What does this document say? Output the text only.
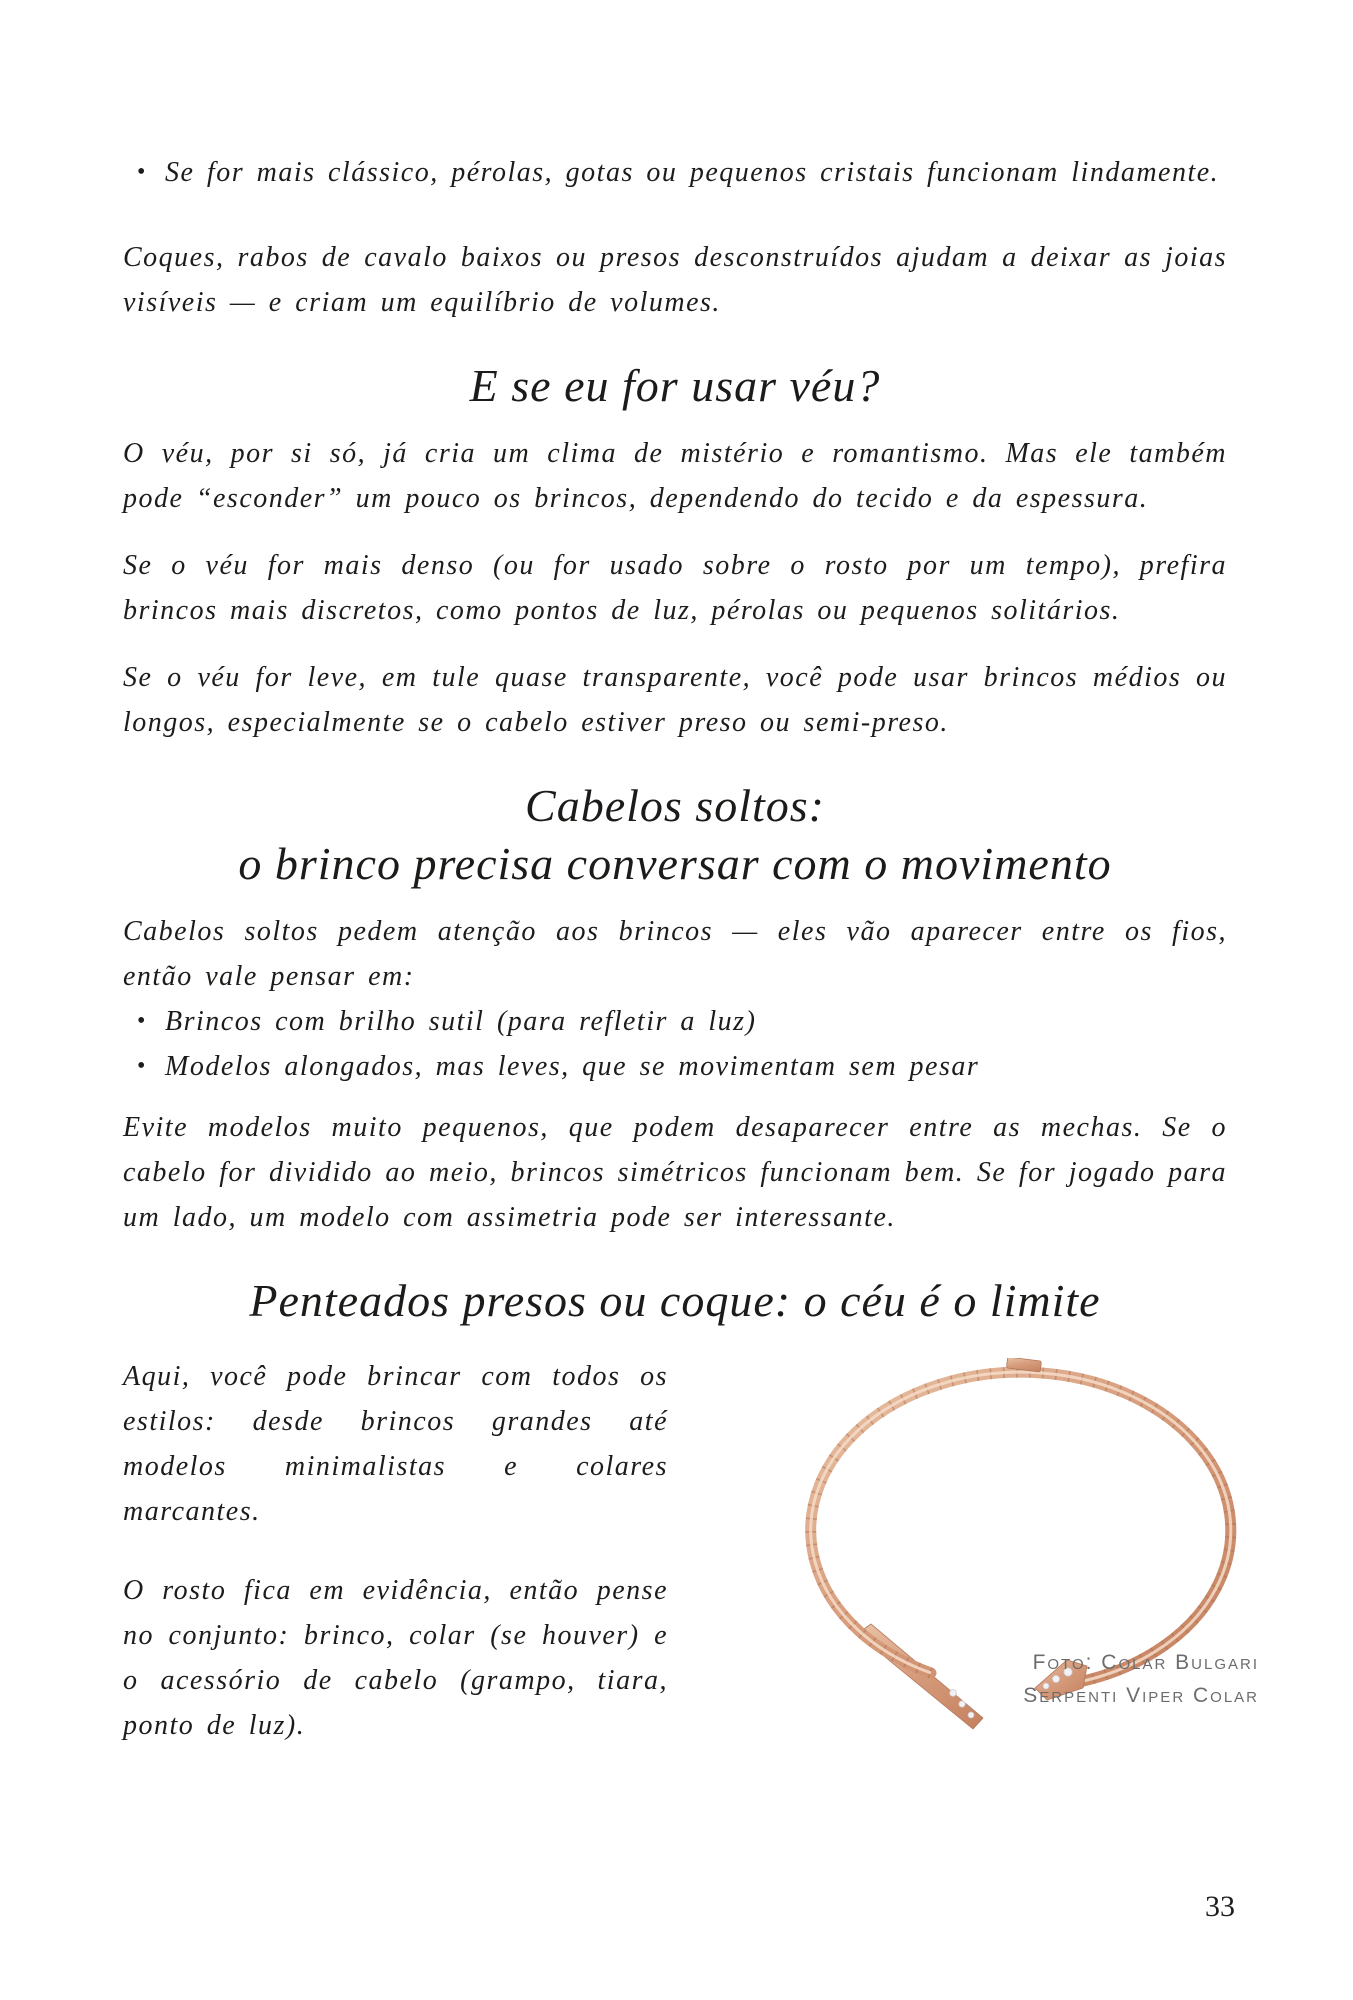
• Se for mais clássico, pérolas, gotas ou pequenos cristais funcionam lindamente.

Coques, rabos de cavalo baixos ou presos desconstruídos ajudam a deixar as joias visíveis — e criam um equilíbrio de volumes.

E se eu for usar véu?

O véu, por si só, já cria um clima de mistério e romantismo. Mas ele também pode “esconder” um pouco os brincos, dependendo do tecido e da espessura.

Se o véu for mais denso (ou for usado sobre o rosto por um tempo), prefira brincos mais discretos, como pontos de luz, pérolas ou pequenos solitários.

Se o véu for leve, em tule quase transparente, você pode usar brincos médios ou longos, especialmente se o cabelo estiver preso ou semi-preso.

Cabelos soltos:
o brinco precisa conversar com o movimento

Cabelos soltos pedem atenção aos brincos — eles vão aparecer entre os fios, então vale pensar em:

• Brincos com brilho sutil (para refletir a luz)
• Modelos alongados, mas leves, que se movimentam sem pesar

Evite modelos muito pequenos, que podem desaparecer entre as mechas. Se o cabelo for dividido ao meio, brincos simétricos funcionam bem. Se for jogado para um lado, um modelo com assimetria pode ser interessante.

Penteados presos ou coque: o céu é o limite

Aqui, você pode brincar com todos os estilos: desde brincos grandes até modelos minimalistas e colares marcantes.

O rosto fica em evidência, então pense no conjunto: brinco, colar (se houver) e o acessório de cabelo (grampo, tiara, ponto de luz).

Foto: Colar Bulgari
Serpenti Viper Colar
33
